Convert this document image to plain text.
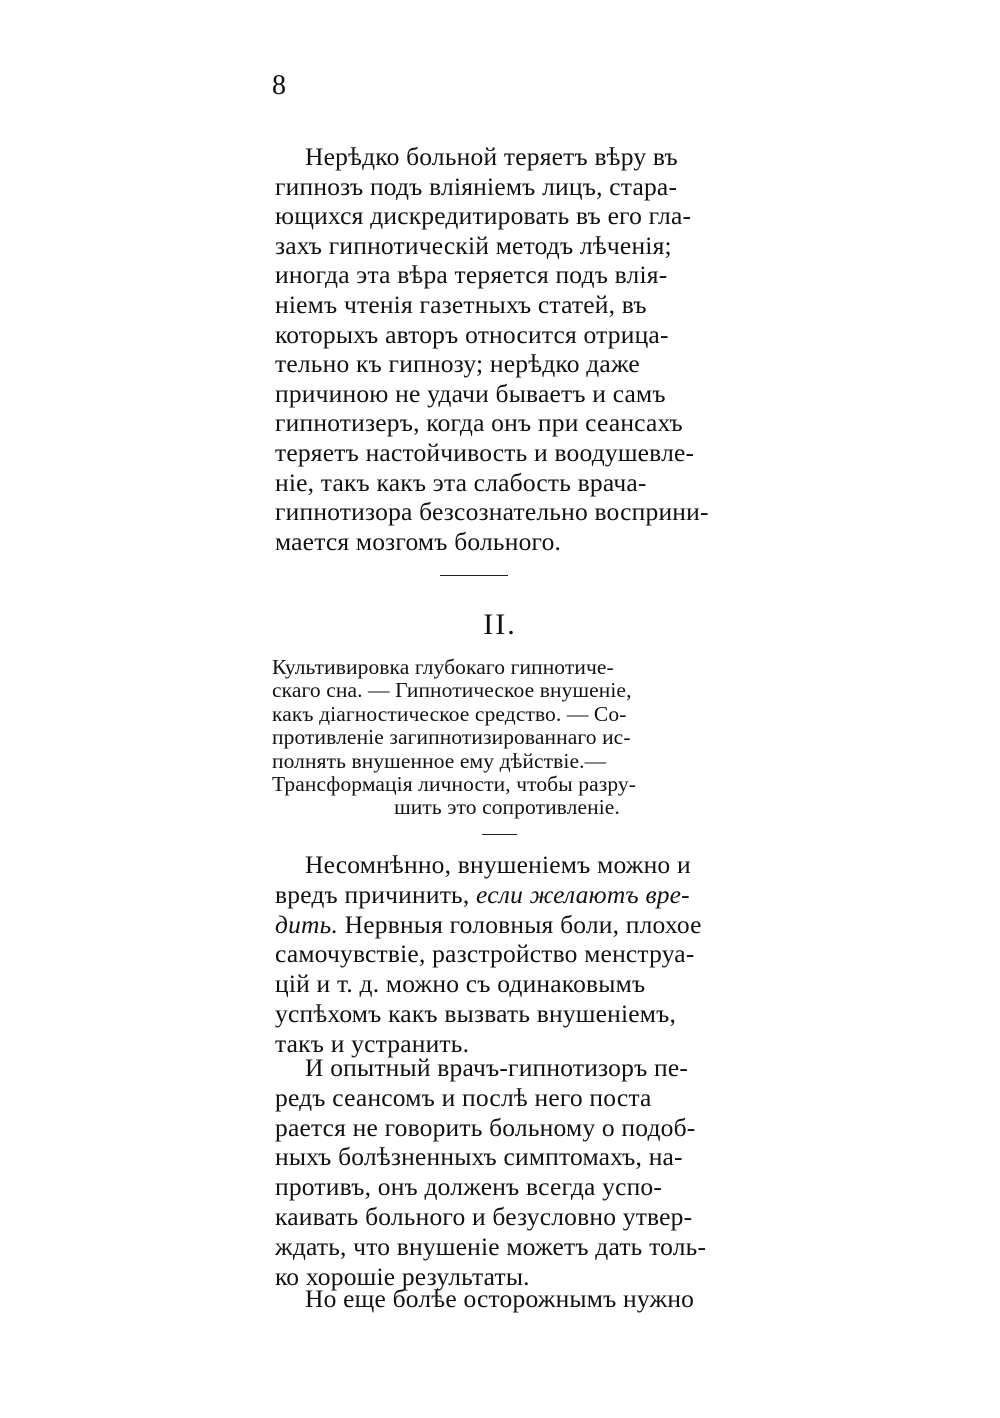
8
Нерѣдко больной теряетъ вѣру въ
гипнозъ подъ вліяніемъ лицъ, стара-
ющихся дискредитировать въ его гла-
захъ гипнотическій методъ лѣченія;
иногда эта вѣра теряется подъ влія-
ніемъ чтенія газетныхъ статей, въ
которыхъ авторъ относится отрица-
тельно къ гипнозу; нерѣдко даже
причиною не удачи бываетъ и самъ
гипнотизеръ, когда онъ при сеансахъ
теряетъ настойчивость и воодушевле-
ніе, такъ какъ эта слабость врача-
гипнотизора безсознательно восприни-
мается мозгомъ больного.
II.
Культивировка глубокаго гипнотиче-
скаго сна. — Гипнотическое внушеніе,
какъ діагностическое средство. — Со-
противленіе загипнотизированнаго ис-
полнять внушенное ему дѣйствіе.—
Трансформація личности, чтобы разру-
шить это сопротивленіе.
Несомнѣнно, внушеніемъ можно и
вредъ причинить, если желаютъ вре-
дить. Нервныя головныя боли, плохое
самочувствіе, разстройство менструа-
цій и т. д. можно съ одинаковымъ
успѣхомъ какъ вызвать внушеніемъ,
такъ и устранить.
И опытный врачъ-гипнотизоръ пе-
редъ сеансомъ и послѣ него поста
рается не говорить больному о подоб-
ныхъ болѣзненныхъ симптомахъ, на-
противъ, онъ долженъ всегда успо-
каивать больного и безусловно утвер-
ждать, что внушеніе можетъ дать толь-
ко хорошіе результаты.
Но еще болѣе осторожнымъ нужно
